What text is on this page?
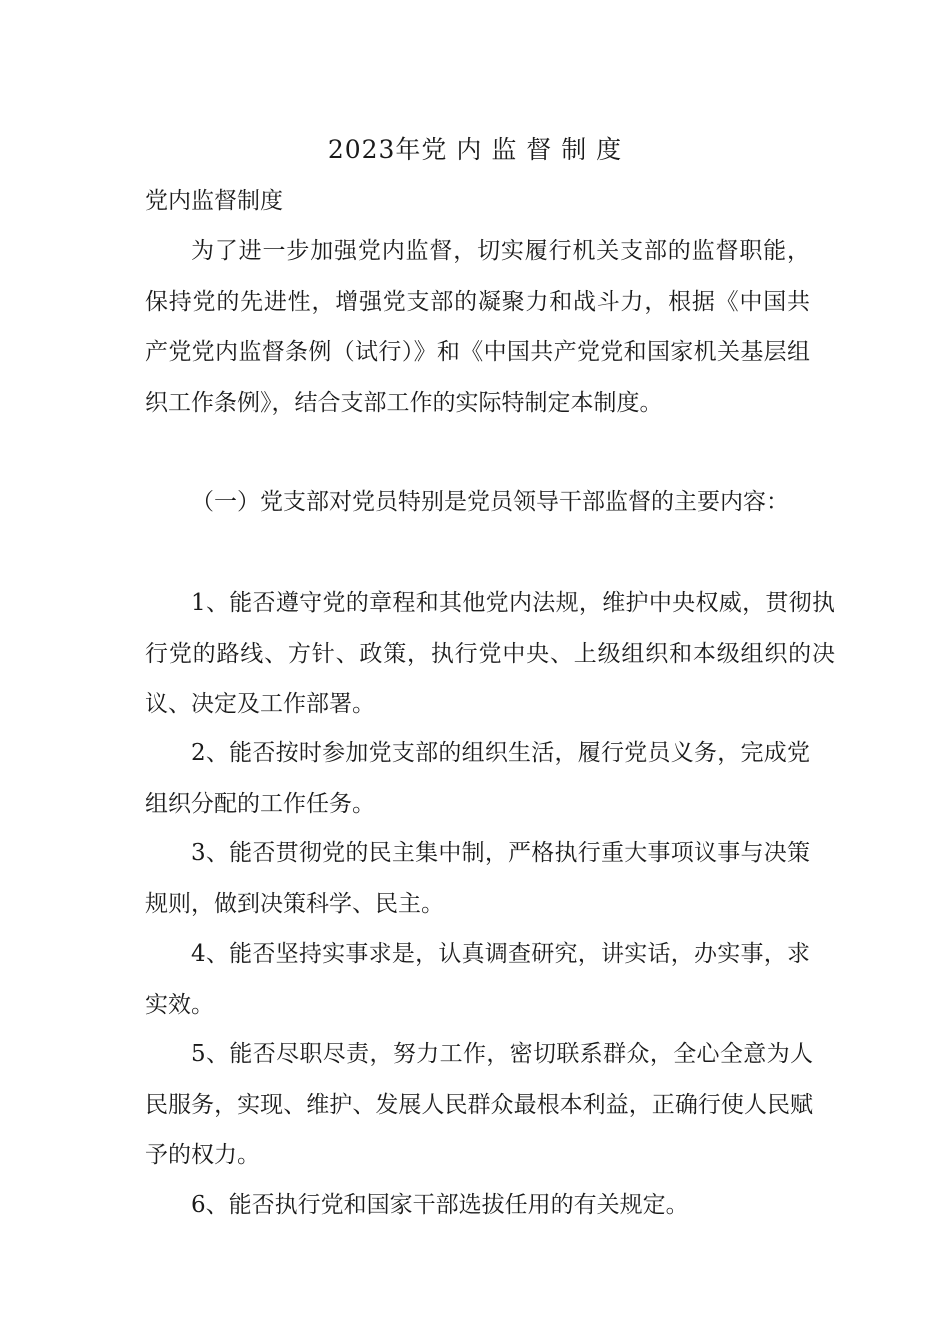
2023年党 内 监 督 制 度
党内监督制度

为了进一步加强党内监督，切实履行机关支部的监督职能，保持党的先进性，增强党支部的凝聚力和战斗力，根据《中国共产党党内监督条例（试行）》和《中国共产党党和国家机关基层组织工作条例》，结合支部工作的实际特制定本制度。

（一）党支部对党员特别是党员领导干部监督的主要内容：

1、能否遵守党的章程和其他党内法规，维护中央权威，贯彻执行党的路线、方针、政策，执行党中央、上级组织和本级组织的决议、决定及工作部署。

2、能否按时参加党支部的组织生活，履行党员义务，完成党组织分配的工作任务。

3、能否贯彻党的民主集中制，严格执行重大事项议事与决策规则，做到决策科学、民主。

4、能否坚持实事求是，认真调查研究，讲实话，办实事，求实效。

5、能否尽职尽责，努力工作，密切联系群众，全心全意为人民服务，实现、维护、发展人民群众最根本利益，正确行使人民赋予的权力。

6、能否执行党和国家干部选拔任用的有关规定。
